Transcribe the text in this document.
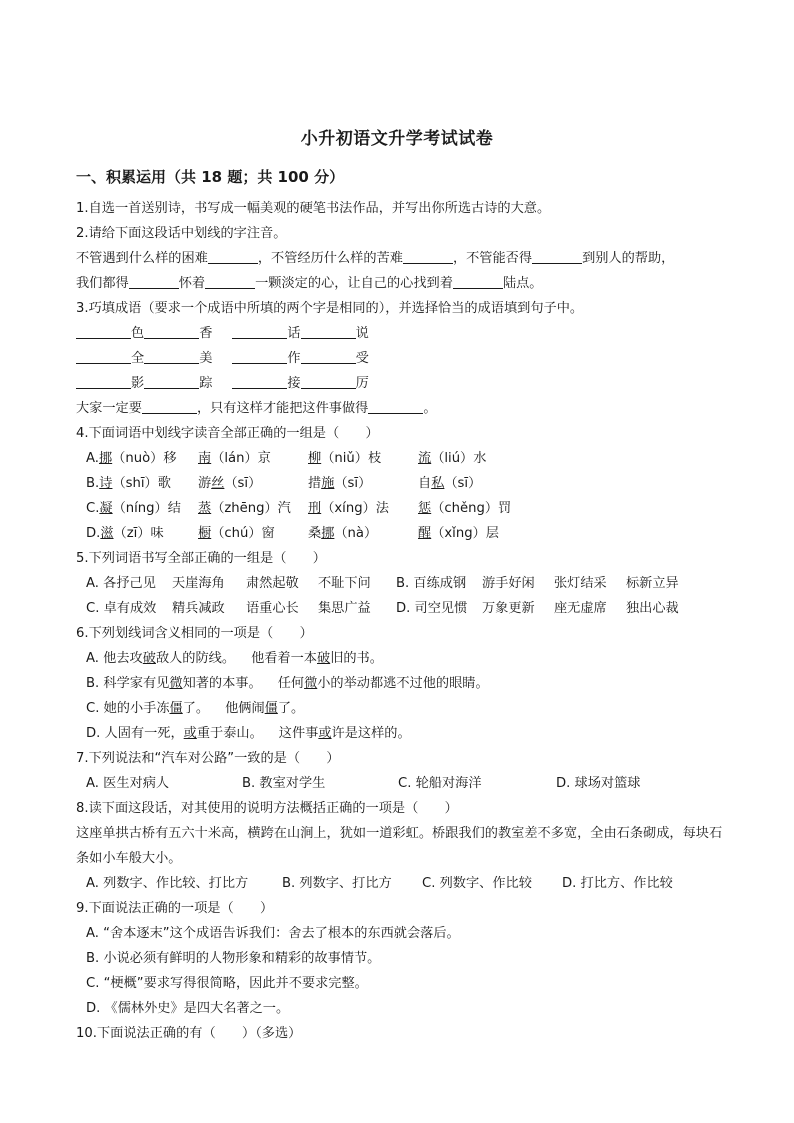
小升初语文升学考试试卷
一、积累运用（共 18 题；共 100 分）
1.自选一首送别诗，书写成一幅美观的硬笔书法作品，并写出你所选古诗的大意。
2.请给下面这段话中划线的字注音。
不管遇到什么样的困难	，不管经历什么样的苦难	，不管能否得	到别人的帮助，
我们都得	怀着	一颗淡定的心，让自己的心找到着	陆点。
3.巧填成语（要求一个成语中所填的两个字是相同的），并选择恰当的成语填到句子中。
色	香	话	说
全	美	作	受
影	踪	接	厉
大家一定要	，只有这样才能把这件事做得	。
4.下面词语中划线字读音全部正确的一组是（　　）
A.挪（nuò）移 南（lán）京	柳（niǔ）枝	流（liú）水
B.诗（shī）歌 游丝（sī）	措施（sī）	自私（sī）
C.凝（níng）结 蒸（zhēng）汽 刑（xíng）法 惩（chěng）罚
D.滋（zī）味	橱（chú）窗	桑挪（nà）	醒（xǐng）层
5.下列词语书写全部正确的一组是（　　）
A. 各抒己见 天崖海角 肃然起敬 不耻下问 B. 百练成钢 游手好闲 张灯结采 标新立异
C. 卓有成效 精兵减政 语重心长 集思广益 D. 司空见惯 万象更新 座无虚席 独出心裁
6.下列划线词含义相同的一项是（　　）
A. 他去攻破敌人的防线。 他看着一本破旧的书。
B. 科学家有见微知著的本事。 任何微小的举动都逃不过他的眼睛。
C. 她的小手冻僵了。 他俩闹僵了。
D. 人固有一死，或重于泰山。 这件事或许是这样的。
7.下列说法和“汽车对公路”一致的是（　　）
A. 医生对病人	B. 教室对学生	C. 轮船对海洋	D. 球场对篮球
8.读下面这段话，对其使用的说明方法概括正确的一项是（　　）
这座单拱古桥有五六十米高，横跨在山涧上，犹如一道彩虹。桥跟我们的教室差不多宽，全由石条砌成，每块石条如小车般大小。
A. 列数字、作比较、打比方	B. 列数字、打比方 C. 列数字、作比较 D. 打比方、作比较
9.下面说法正确的一项是（　　）
A. “舍本逐末”这个成语告诉我们：舍去了根本的东西就会落后。
B. 小说必须有鲜明的人物形象和精彩的故事情节。
C. “梗概”要求写得很简略，因此并不要求完整。
D. 《儒林外史》是四大名著之一。
10.下面说法正确的有（　　）（多选）
